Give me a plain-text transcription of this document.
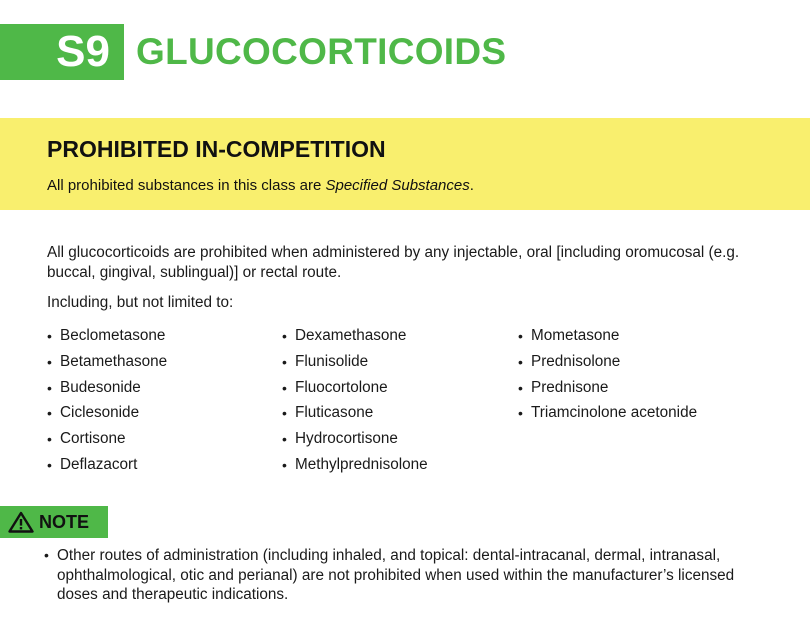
S9 GLUCOCORTICOIDS
PROHIBITED IN-COMPETITION
All prohibited substances in this class are Specified Substances.
All glucocorticoids are prohibited when administered by any injectable, oral [including oromucosal (e.g. buccal, gingival, sublingual)] or rectal route.
Including, but not limited to:
• Beclometasone
• Betamethasone
• Budesonide
• Ciclesonide
• Cortisone
• Deflazacort
• Dexamethasone
• Flunisolide
• Fluocortolone
• Fluticasone
• Hydrocortisone
• Methylprednisolone
• Mometasone
• Prednisolone
• Prednisone
• Triamcinolone acetonide
NOTE
• Other routes of administration (including inhaled, and topical: dental-intracanal, dermal, intranasal, ophthalmological, otic and perianal) are not prohibited when used within the manufacturer’s licensed doses and therapeutic indications.
